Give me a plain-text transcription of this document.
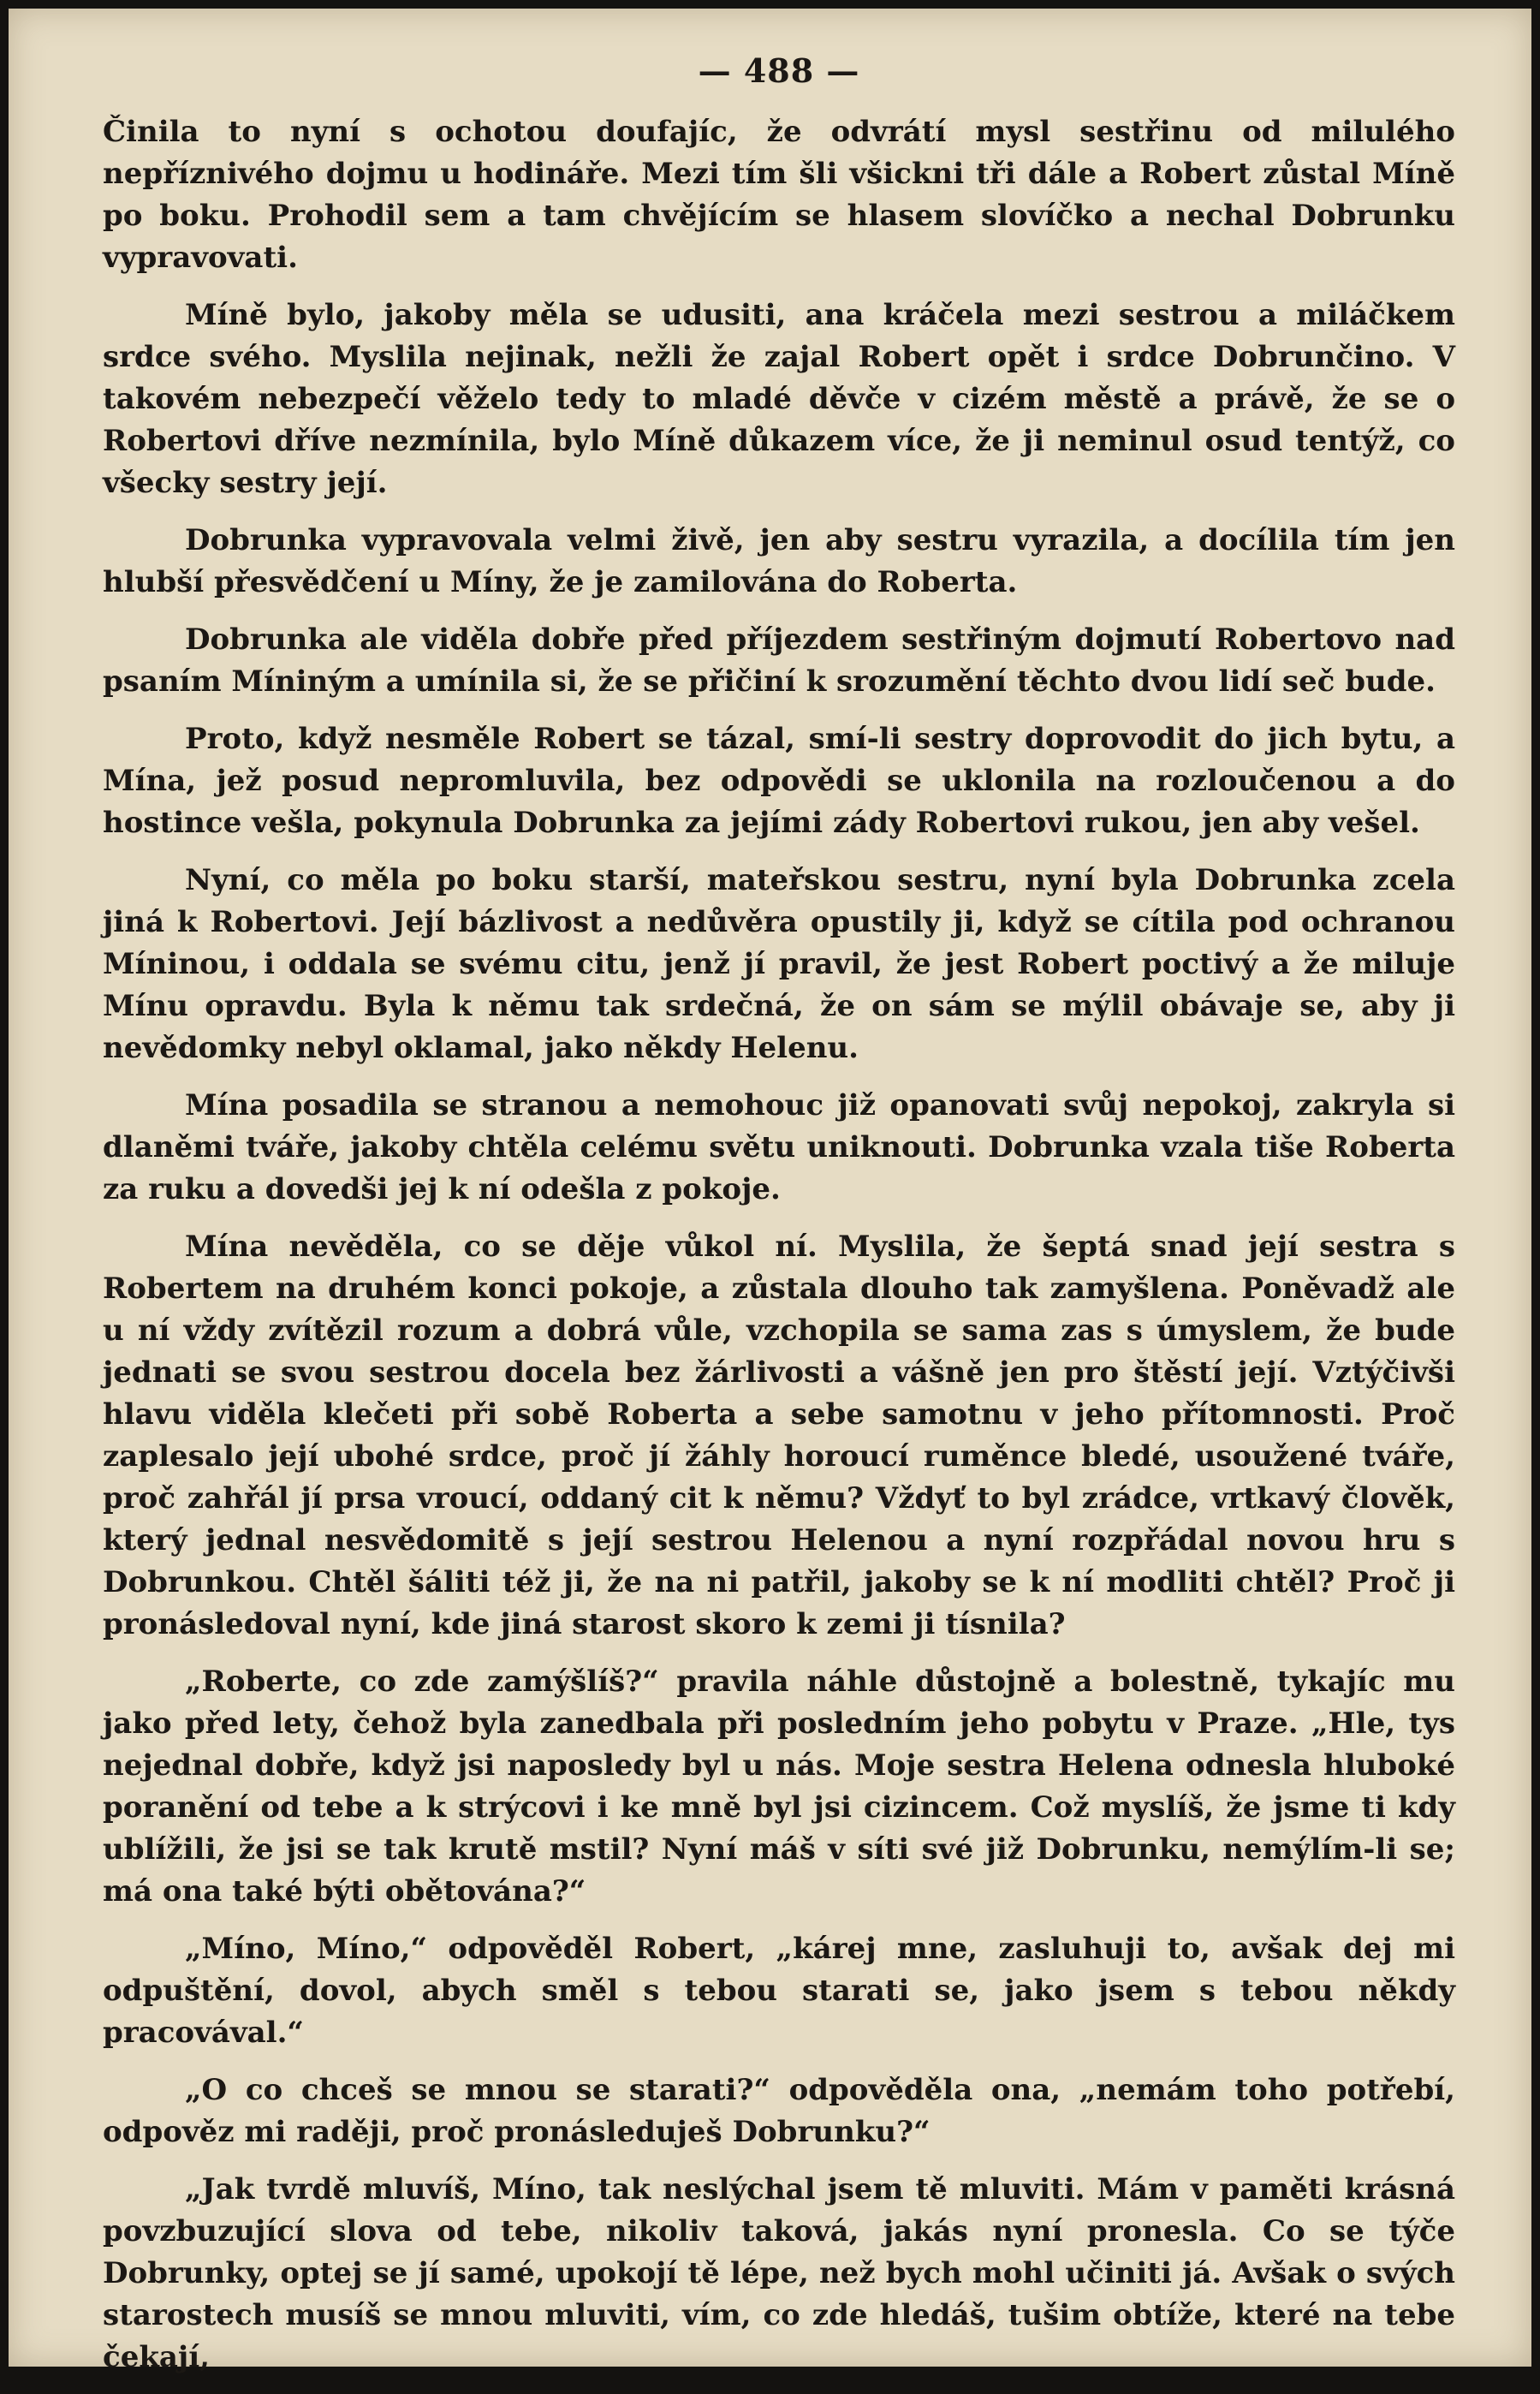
— 488 —

Činila to nyní s ochotou doufajíc, že odvrátí mysl sestřinu od milulého nepříznivého dojmu u hodináře. Mezi tím šli všickni tři dále a Robert zůstal Míně po boku. Prohodil sem a tam chvějícím se hlasem slovíčko a nechal Dobrunku vypravovati.

Míně bylo, jakoby měla se udusiti, ana kráčela mezi sestrou a miláčkem srdce svého. Myslila nejinak, nežli že zajal Robert opět i srdce Dobrunčino. V takovém nebezpečí věželo tedy to mladé děvče v cizém městě a právě, že se o Robertovi dříve nezmínila, bylo Míně důkazem více, že ji neminul osud tentýž, co všecky sestry její.

Dobrunka vypravovala velmi živě, jen aby sestru vyrazila, a docílila tím jen hlubší přesvědčení u Míny, že je zamilována do Roberta.

Dobrunka ale viděla dobře před příjezdem sestřiným dojmutí Robertovo nad psaním Míniným a umínila si, že se přičiní k srozumění těchto dvou lidí seč bude.

Proto, když nesměle Robert se tázal, smí-li sestry doprovodit do jich bytu, a Mína, jež posud nepromluvila, bez odpovědi se uklonila na rozloučenou a do hostince vešla, pokynula Dobrunka za jejími zády Robertovi rukou, jen aby vešel.

Nyní, co měla po boku starší, mateřskou sestru, nyní byla Dobrunka zcela jiná k Robertovi. Její bázlivost a nedůvěra opustily ji, když se cítila pod ochranou Míninou, i oddala se svému citu, jenž jí pravil, že jest Robert poctivý a že miluje Mínu opravdu. Byla k němu tak srdečná, že on sám se mýlil obávaje se, aby ji nevědomky nebyl oklamal, jako někdy Helenu.

Mína posadila se stranou a nemohouc již opanovati svůj nepokoj, zakryla si dlaněmi tváře, jakoby chtěla celému světu uniknouti. Dobrunka vzala tiše Roberta za ruku a dovedši jej k ní odešla z pokoje.

Mína nevěděla, co se děje vůkol ní. Myslila, že šeptá snad její sestra s Robertem na druhém konci pokoje, a zůstala dlouho tak zamyšlena. Poněvadž ale u ní vždy zvítězil rozum a dobrá vůle, vzchopila se sama zas s úmyslem, že bude jednati se svou sestrou docela bez žárlivosti a vášně jen pro štěstí její. Vztýčivši hlavu viděla klečeti při sobě Roberta a sebe samotnu v jeho přítomnosti. Proč zaplesalo její ubohé srdce, proč jí žáhly horoucí ruměnce bledé, usoužené tváře, proč zahřál jí prsa vroucí, oddaný cit k němu? Vždyť to byl zrádce, vrtkavý člověk, který jednal nesvědomitě s její sestrou Helenou a nyní rozpřádal novou hru s Dobrunkou. Chtěl šáliti též ji, že na ni patřil, jakoby se k ní modliti chtěl? Proč ji pronásledoval nyní, kde jiná starost skoro k zemi ji tísnila?

„Roberte, co zde zamýšlíš?“ pravila náhle důstojně a bolestně, tykajíc mu jako před lety, čehož byla zanedbala při posledním jeho pobytu v Praze. „Hle, tys nejednal dobře, když jsi naposledy byl u nás. Moje sestra Helena odnesla hluboké poranění od tebe a k strýcovi i ke mně byl jsi cizincem. Což myslíš, že jsme ti kdy ublížili, že jsi se tak krutě mstil? Nyní máš v síti své již Dobrunku, nemýlím-li se; má ona také býti obětována?“

„Míno, Míno,“ odpověděl Robert, „kárej mne, zasluhuji to, avšak dej mi odpuštění, dovol, abych směl s tebou starati se, jako jsem s tebou někdy pracovával.“

„O co chceš se mnou se starati?“ odpověděla ona, „nemám toho potřebí, odpověz mi raději, proč pronásleduješ Dobrunku?“

„Jak tvrdě mluvíš, Míno, tak neslýchal jsem tě mluviti. Mám v paměti krásná povzbuzující slova od tebe, nikoliv taková, jakás nyní pronesla. Co se týče Dobrunky, optej se jí samé, upokojí tě lépe, než bych mohl učiniti já. Avšak o svých starostech musíš se mnou mluviti, vím, co zde hledáš, tušim obtíže, které na tebe čekají,
